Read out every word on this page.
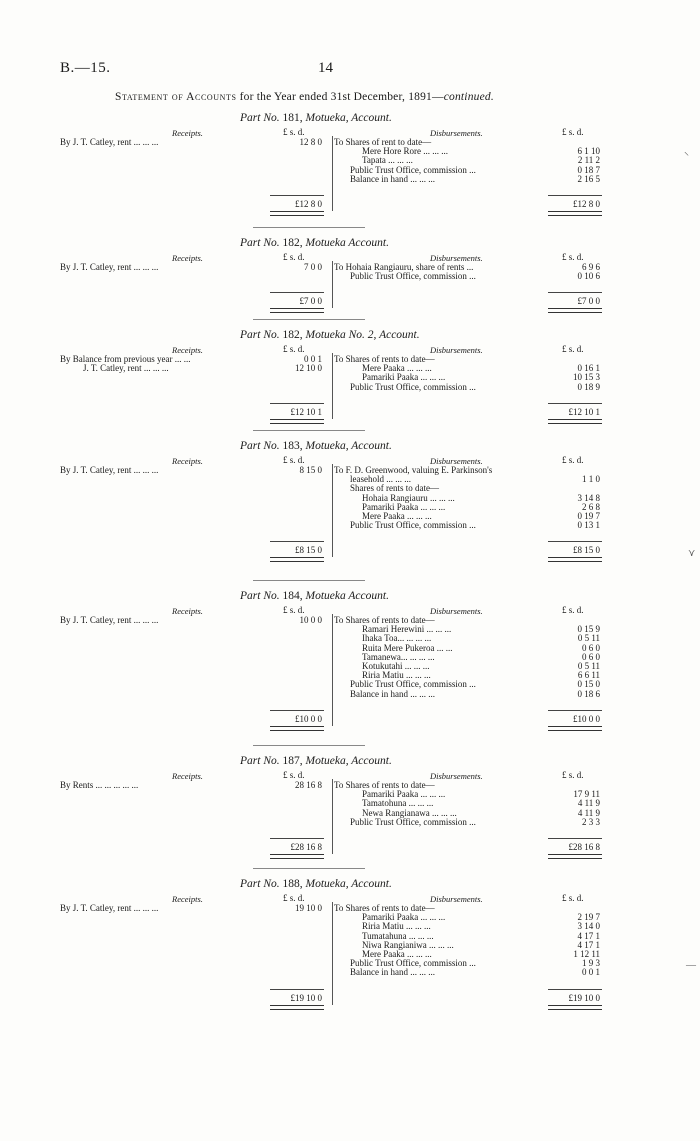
B.—15.	14
Statement of Accounts for the Year ended 31st December, 1891—continued.
Part No. 181, Motueka, Account.
Receipts.	Disbursements.
£ s. d.	£ s. d.
By J. T. Catley, rent ... ... ...	12 8 0 To Shares of rent to date—
Mere Hore Rore ... ... ...	6 1 10
Tapata ... ... ...	2 11 2
Public Trust Office, commission ...	0 18 7
Balance in hand ... ... ...	2 16 5
£12 8 0	£12 8 0
Part No. 182, Motueka Account.
Receipts.	Disbursements.
£ s. d.	£ s. d.
By J. T. Catley, rent ... ... ...	7 0 0 To Hohaia Rangiauru, share of rents ...	6 9 6
Public Trust Office, commission ...	0 10 6
£7 0 0	£7 0 0
Part No. 182, Motueka No. 2, Account.
Receipts.	Disbursements.
£ s. d.	£ s. d.
By Balance from previous year ... ...	0 0 1
J. T. Catley, rent ... ... ...	12 10 0
To Shares of rents to date—
Mere Paaka ... ... ...	0 16 1
Pamariki Paaka ... ... ...	10 15 3
Public Trust Office, commission ...	0 18 9
£12 10 1	£12 10 1
Part No. 183, Motueka, Account.
Receipts.	Disbursements.
£ s. d.	£ s. d.
By J. T. Catley, rent ... ... ...	8 15 0 To F. D. Greenwood, valuing E. Parkinson's
leasehold ... ... ...	1 1 0
Shares of rents to date—
Hohaia Rangiauru ... ... ...	3 14 8
Pamariki Paaka ... ... ...	2 6 8
Mere Paaka ... ... ...	0 19 7
Public Trust Office, commission ...	0 13 1
£8 15 0	£8 15 0
Part No. 184, Motueka Account.
Receipts.	Disbursements.
£ s. d.	£ s. d.
By J. T. Catley, rent ... ... ...	10 0 0 To Shares of rents to date—
Ramari Herewini ... ... ...	0 15 9
Ihaka Toa... ... ... ...	0 5 11
Ruita Mere Pukeroa ... ...	0 6 0
Tamanewa... ... ... ...	0 6 0
Kotukutahi ... ... ...	0 5 11
Riria Matiu ... ... ...	6 6 11
Public Trust Office, commission ...	0 15 0
Balance in hand ... ... ...	0 18 6
£10 0 0	£10 0 0
Part No. 187, Motueka, Account.
Receipts.	Disbursements.
£ s. d.	£ s. d.
By Rents ... ... ... ... ...	28 16 8 To Shares of rents to date—
Pamariki Paaka ... ... ...	17 9 11
Tamatohuna ... ... ...	4 11 9
Newa Rangianawa ... ... ...	4 11 9
Public Trust Office, commission ...	2 3 3
£28 16 8	£28 16 8
Part No. 188, Motueka, Account.
Receipts.	Disbursements.
£ s. d.	£ s. d.
By J. T. Catley, rent ... ... ...	19 10 0 To Shares of rents to date—
Pamariki Paaka ... ... ...	2 19 7
Riria Matiu ... ... ...	3 14 0
Tumatahuna ... ... ...	4 17 1
Niwa Rangianiwa ... ... ...	4 17 1
Mere Paaka ... ... ...	1 12 11
Public Trust Office, commission ...	1 9 3
Balance in hand ... ... ...	0 0 1
£19 10 0	£19 10 0
⸌
⋎
—
